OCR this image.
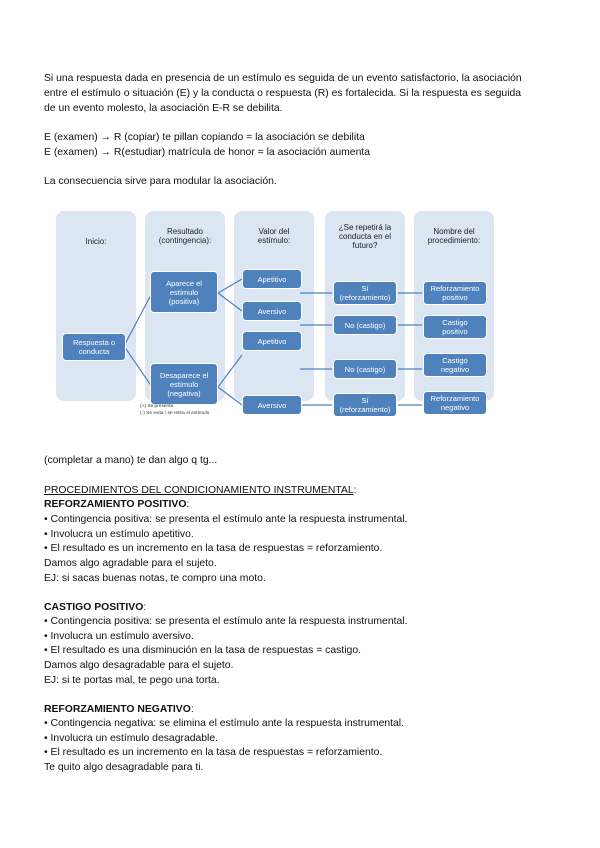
Si una respuesta dada en presencia de un estímulo es seguida de un evento satisfactorio, la asociación
entre el estímulo o situación (E) y la conducta o respuesta (R) es fortalecida. Si la respuesta es seguida
de un evento molesto, la asociación E-R se debilita.
E (examen) → R (copiar) te pillan copiando = la asociación se debilita
E (examen) → R(estudiar) matrícula de honor = la asociación aumenta
La consecuencia sirve para modular la asociación.
Inicio:
Resultado
(contingencia):
Valor del
estímulo:
¿Se repetirá la
conducta en el
futuro?
Nombre del
procedimiento:
Respuesta o
conducta
Aparece el
estímulo
(positiva)
Desaparece el
estímulo
(negativa)
Apetitivo
Aversivo
Apetitivo
Aversivo
Sí
(reforzamiento)
No (castigo)
No (castigo)
Sí
(reforzamiento)
Reforzamiento
positivo
Castigo
positivo
Castigo
negativo
Reforzamiento
negativo
(+) Se presenta
(-) Se evita / se retira el estímulo
(completar a mano) te dan algo q tg...
PROCEDIMIENTOS DEL CONDICIONAMIENTO INSTRUMENTAL:
REFORZAMIENTO POSITIVO:
• Contingencia positiva: se presenta el estímulo ante la respuesta instrumental.
• Involucra un estímulo apetitivo.
• El resultado es un incremento en la tasa de respuestas = reforzamiento.
Damos algo agradable para el sujeto.
EJ: si sacas buenas notas, te compro una moto.
CASTIGO POSITIVO:
• Contingencia positiva: se presenta el estímulo ante la respuesta instrumental.
• Involucra un estímulo aversivo.
• El resultado es una disminución en la tasa de respuestas = castigo.
Damos algo desagradable para el sujeto.
EJ: si te portas mal, te pego una torta.
REFORZAMIENTO NEGATIVO:
• Contingencia negativa: se elimina el estímulo ante la respuesta instrumental.
• Involucra un estímulo desagradable.
• El resultado es un incremento en la tasa de respuestas = reforzamiento.
Te quito algo desagradable para ti.
